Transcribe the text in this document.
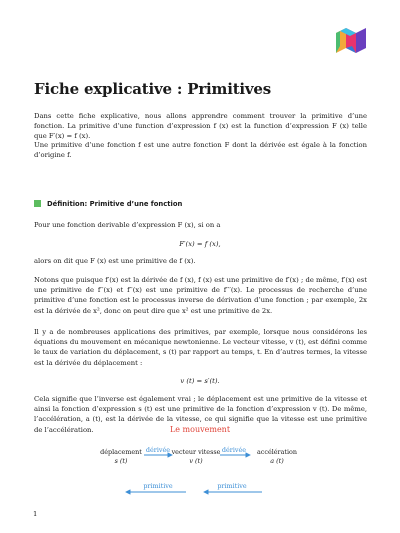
Fiche explicative : Primitives

Dans cette fiche explicative, nous allons apprendre comment trouver la primitive d’une fonction. La primitive d’une function d’expression f (x) est la function d’expression F (x) telle que F′(x) = f (x).

Une primitive d’une fonction f est une autre fonction F dont la dérivée est égale à la fonction d’origine f.

Définition: Primitive d’une fonction

Pour une fonction derivable d’expression F (x), si on a

F′(x) = f (x),

alors on dit que F (x) est une primitive de f (x).

Notons que puisque f′(x) est la dérivée de f (x), f (x) est une primitive de f′(x) ; de même, f′(x) est une primitive de f′′(x) et f′′(x) est une primitive de f′′′(x). Le processus de recherche d’une primitive d’une fonction est le processus inverse de dérivation d’une fonction ; par exemple, 2x est la dérivée de x², donc on peut dire que x² est une primitive de 2x.

Il y a de nombreuses applications des primitives, par exemple, lorsque nous considérons les équations du mouvement en mécanique newtonienne. Le vecteur vitesse, v (t), est défini comme le taux de variation du déplacement, s (t) par rapport au temps, t. En d’autres termes, la vitesse est la dérivée du déplacement :

v (t) = s′(t).

Cela signifie que l’inverse est également vrai ; le déplacement est une primitive de la vitesse et ainsi la fonction d’expression s (t) est une primitive de la fonction d’expression v (t). De même, l’accélération, a (t), est la dérivée de la vitesse, ce qui signifie que la vitesse est une primitive de l’accélération.	Le mouvement
déplacement
s (t)
vecteur vitesse
v (t)
accélération
a (t)
dérivée	dérivée
primitive	primitive
1
